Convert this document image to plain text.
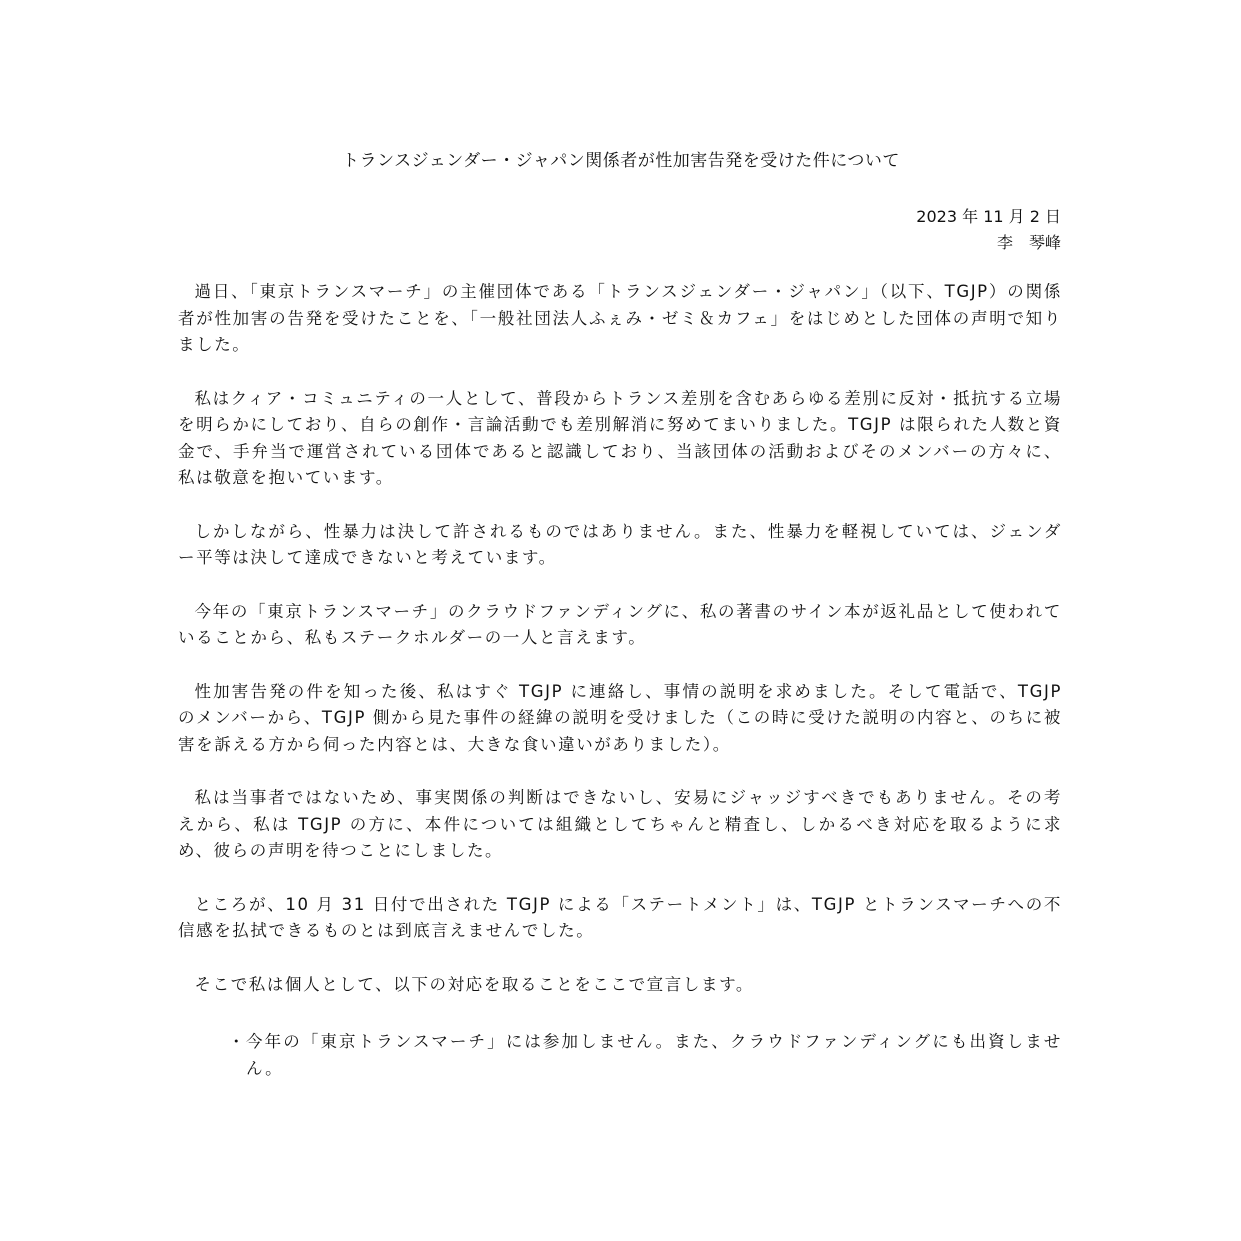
トランスジェンダー・ジャパン関係者が性加害告発を受けた件について
2023 年 11 月 2 日
李　琴峰

過日、「東京トランスマーチ」の主催団体である「トランスジェンダー・ジャパン」（以下、TGJP）の関係者が性加害の告発を受けたことを、「一般社団法人ふぇみ・ゼミ＆カフェ」をはじめとした団体の声明で知りました。

私はクィア・コミュニティの一人として、普段からトランス差別を含むあらゆる差別に反対・抵抗する立場を明らかにしており、自らの創作・言論活動でも差別解消に努めてまいりました。TGJP は限られた人数と資金で、手弁当で運営されている団体であると認識しており、当該団体の活動およびそのメンバーの方々に、私は敬意を抱いています。

しかしながら、性暴力は決して許されるものではありません。また、性暴力を軽視していては、ジェンダー平等は決して達成できないと考えています。

今年の「東京トランスマーチ」のクラウドファンディングに、私の著書のサイン本が返礼品として使われていることから、私もステークホルダーの一人と言えます。

性加害告発の件を知った後、私はすぐ TGJP に連絡し、事情の説明を求めました。そして電話で、TGJP のメンバーから、TGJP 側から見た事件の経緯の説明を受けました（この時に受けた説明の内容と、のちに被害を訴える方から伺った内容とは、大きな食い違いがありました）。

私は当事者ではないため、事実関係の判断はできないし、安易にジャッジすべきでもありません。その考えから、私は TGJP の方に、本件については組織としてちゃんと精査し、しかるべき対応を取るように求め、彼らの声明を待つことにしました。

ところが、10 月 31 日付で出された TGJP による「ステートメント」は、TGJP とトランスマーチへの不信感を払拭できるものとは到底言えませんでした。

そこで私は個人として、以下の対応を取ることをここで宣言します。

・ 今年の「東京トランスマーチ」には参加しません。また、クラウドファンディングにも出資しません。
